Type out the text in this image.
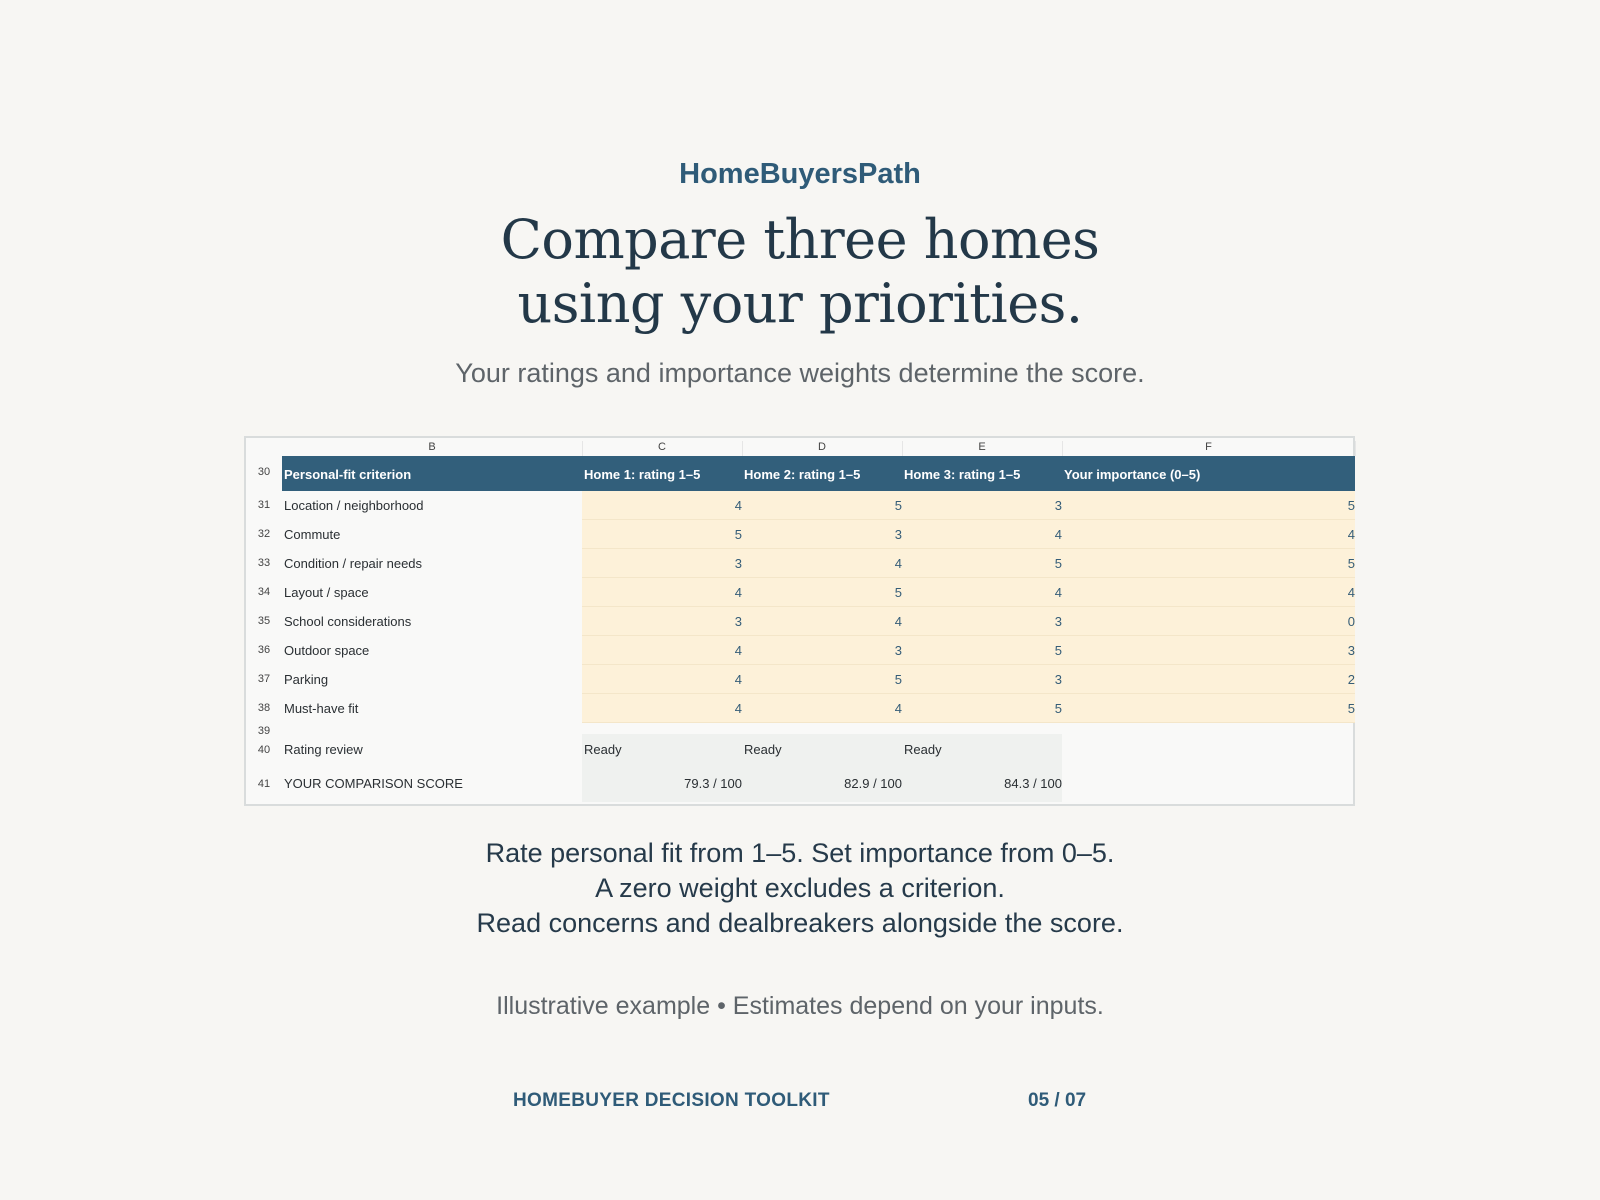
HomeBuyersPath
Compare three homes
using your priorities.
Your ratings and importance weights determine the score.
B	C	D	E	F
30	Personal-fit criterion	Home 1: rating 1–5	Home 2: rating 1–5	Home 3: rating 1–5	Your importance (0–5)
31	Location / neighborhood	4	5	3	5
32	Commute	5	3	4	4
33	Condition / repair needs	3	4	5	5
34	Layout / space	4	5	4	4
35	School considerations	3	4	3	0
36	Outdoor space	4	3	5	3
37	Parking	4	5	3	2
38	Must-have fit	4	4	5	5
39
40	Rating review	Ready	Ready	Ready
41	YOUR COMPARISON SCORE	79.3 / 100	82.9 / 100	84.3 / 100
Rate personal fit from 1–5. Set importance from 0–5.
A zero weight excludes a criterion.
Read concerns and dealbreakers alongside the score.
Illustrative example • Estimates depend on your inputs.
HOMEBUYER DECISION TOOLKIT	05 / 07
